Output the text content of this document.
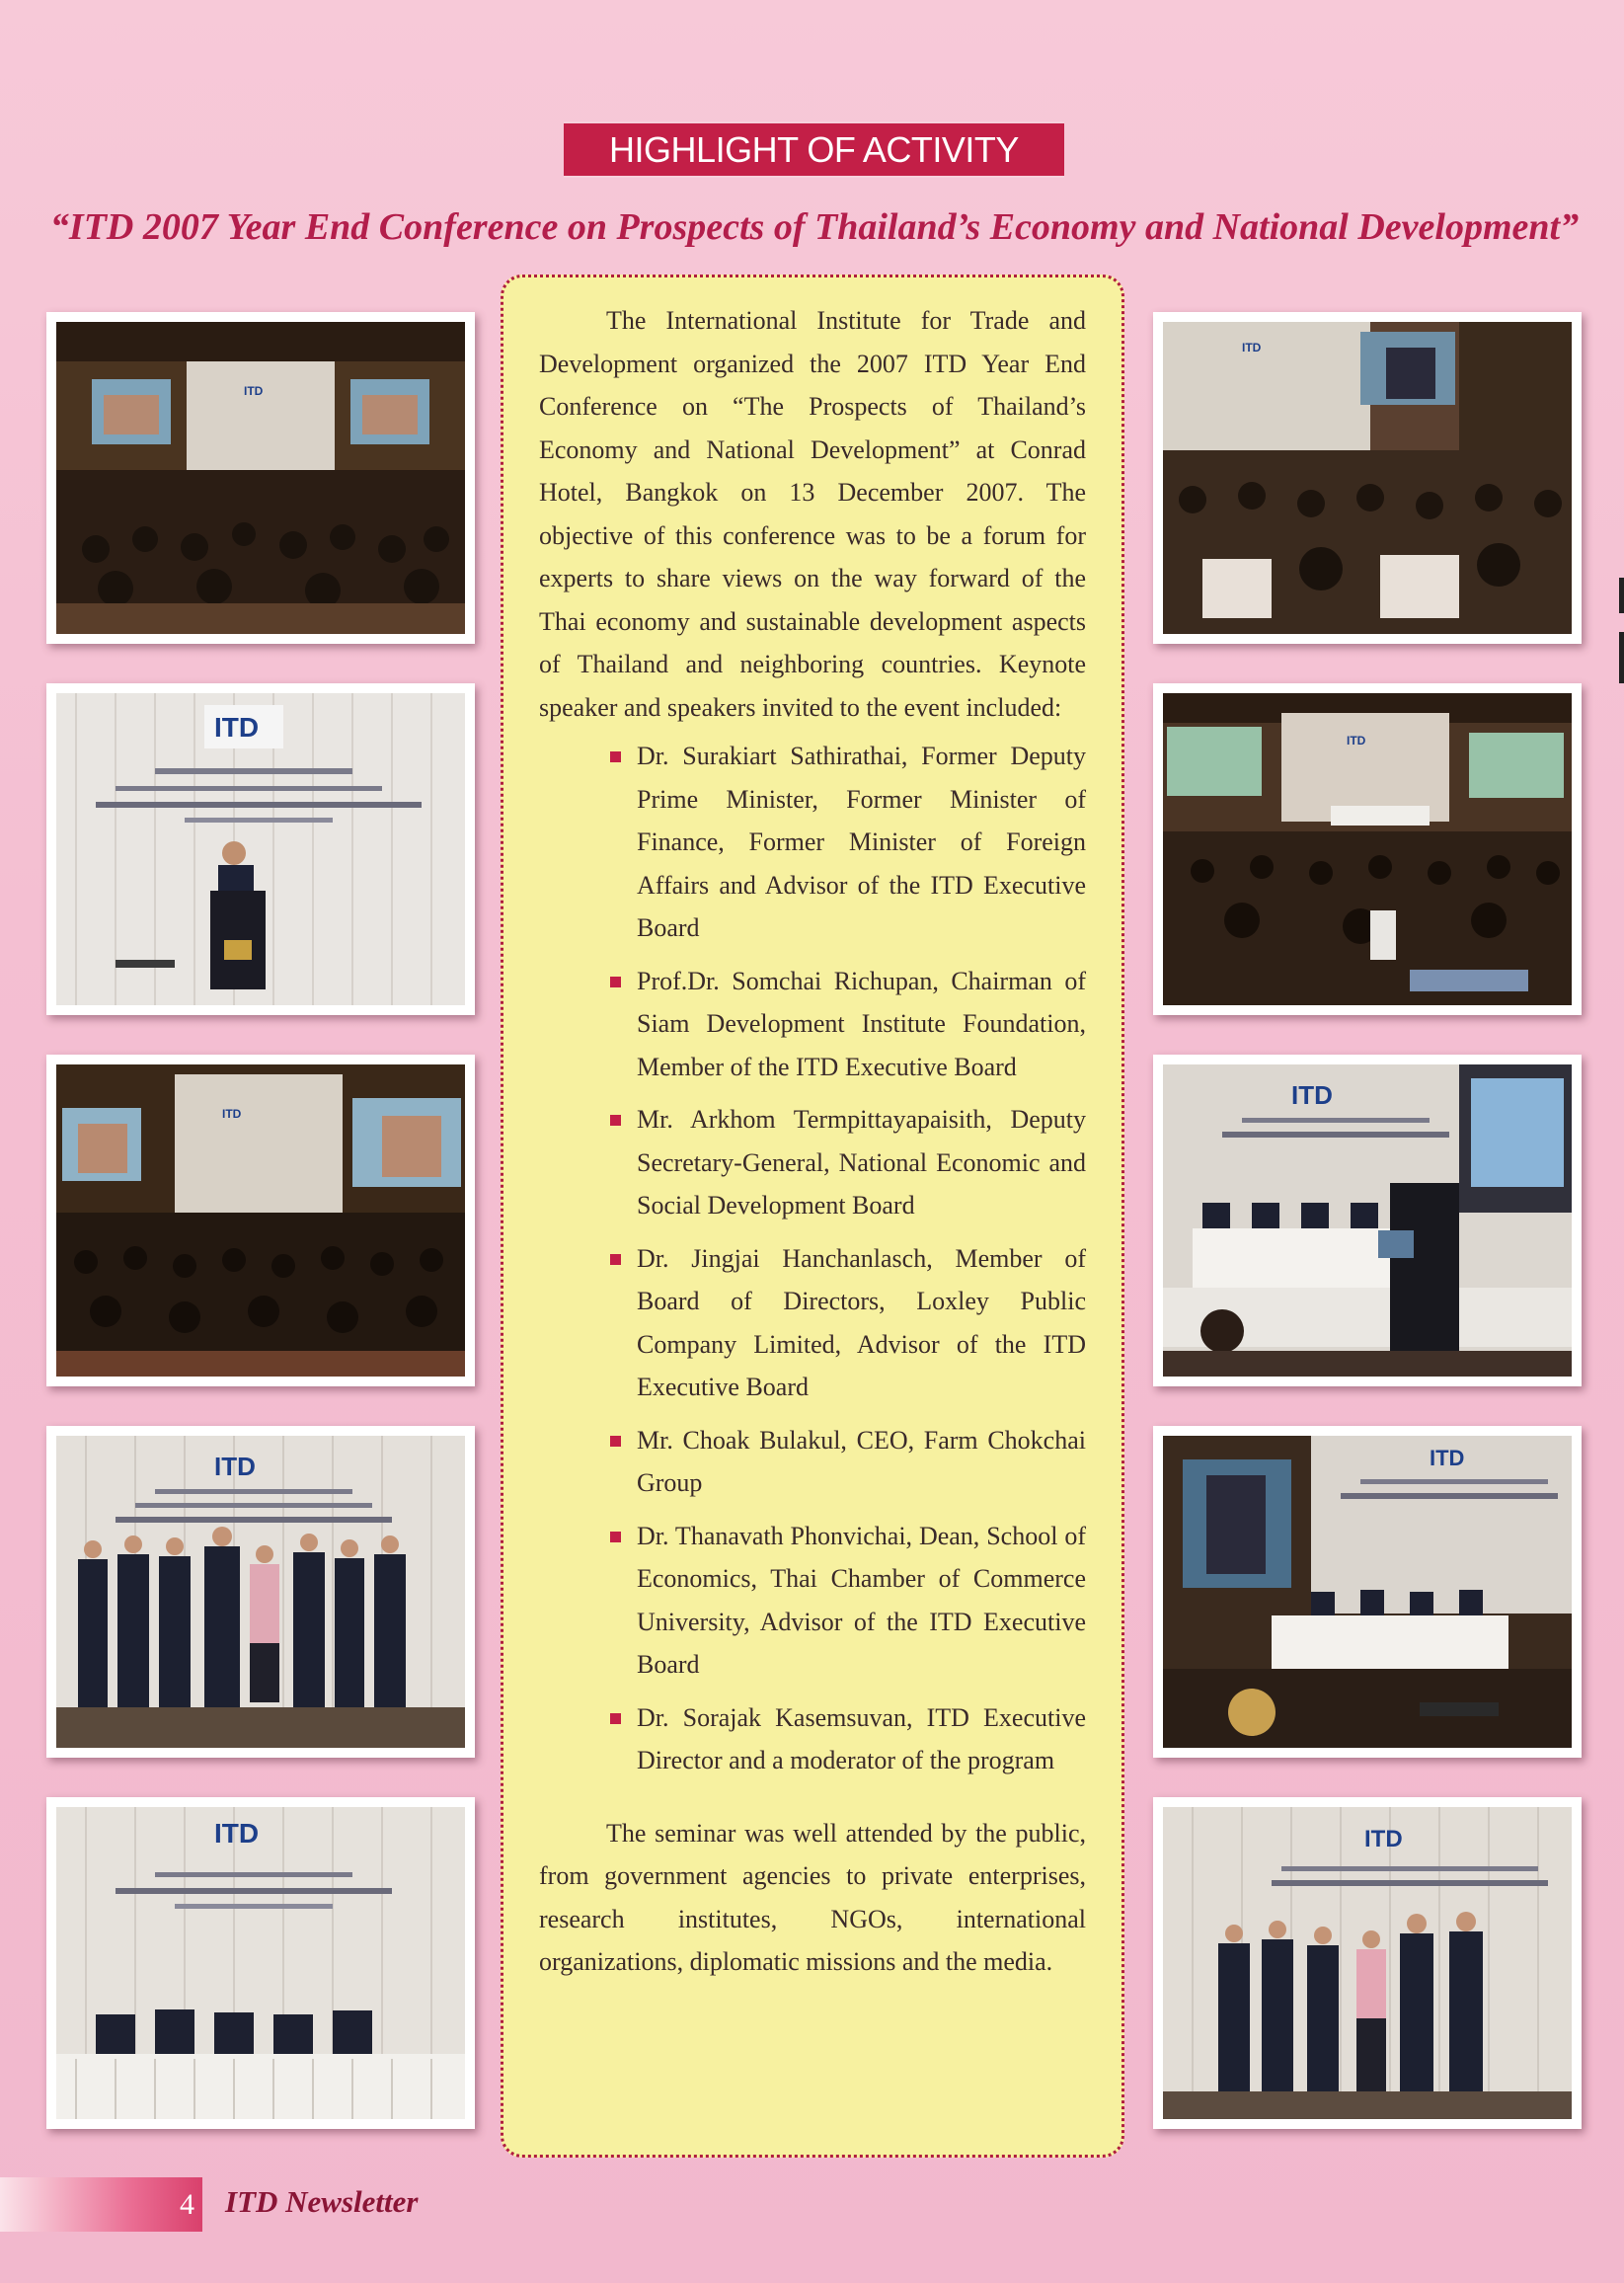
HIGHLIGHT OF ACTIVITY
“ITD 2007 Year End Conference on Prospects of Thailand’s Economy and National Development”
ITD
ITD
ITD
ITD
ITD
ITD
ITD
ITD
ITD
ITD

The International Institute for Trade and Development organized the 2007 ITD Year End Conference on “The Prospects of Thailand’s Economy and National Development” at Conrad Hotel, Bangkok on 13 December 2007. The objective of this conference was to be a forum for experts to share views on the way forward of the Thai economy and sustainable development aspects of Thailand and neighboring countries. Keynote speaker and speakers invited to the event included:

Dr. Surakiart Sathirathai, Former Deputy Prime Minister, Former Minister of Finance, Former Minister of Foreign Affairs and Advisor of the ITD Executive Board
Prof.Dr. Somchai Richupan, Chairman of Siam Development Institute Foundation, Member of the ITD Executive Board
Mr. Arkhom Termpittayapaisith, Deputy Secretary-General, National Economic and Social Development Board
Dr. Jingjai Hanchanlasch, Member of Board of Directors, Loxley Public Company Limited, Advisor of the ITD Executive Board
Mr. Choak Bulakul, CEO, Farm Chokchai Group
Dr. Thanavath Phonvichai, Dean, School of Economics, Thai Chamber of Commerce University, Advisor of the ITD Executive Board
Dr. Sorajak Kasemsuvan, ITD Executive Director and a moderator of the program

The seminar was well attended by the public, from government agencies to private enterprises, research institutes, NGOs, international organizations, diplomatic missions and the media.

4 ITD Newsletter
